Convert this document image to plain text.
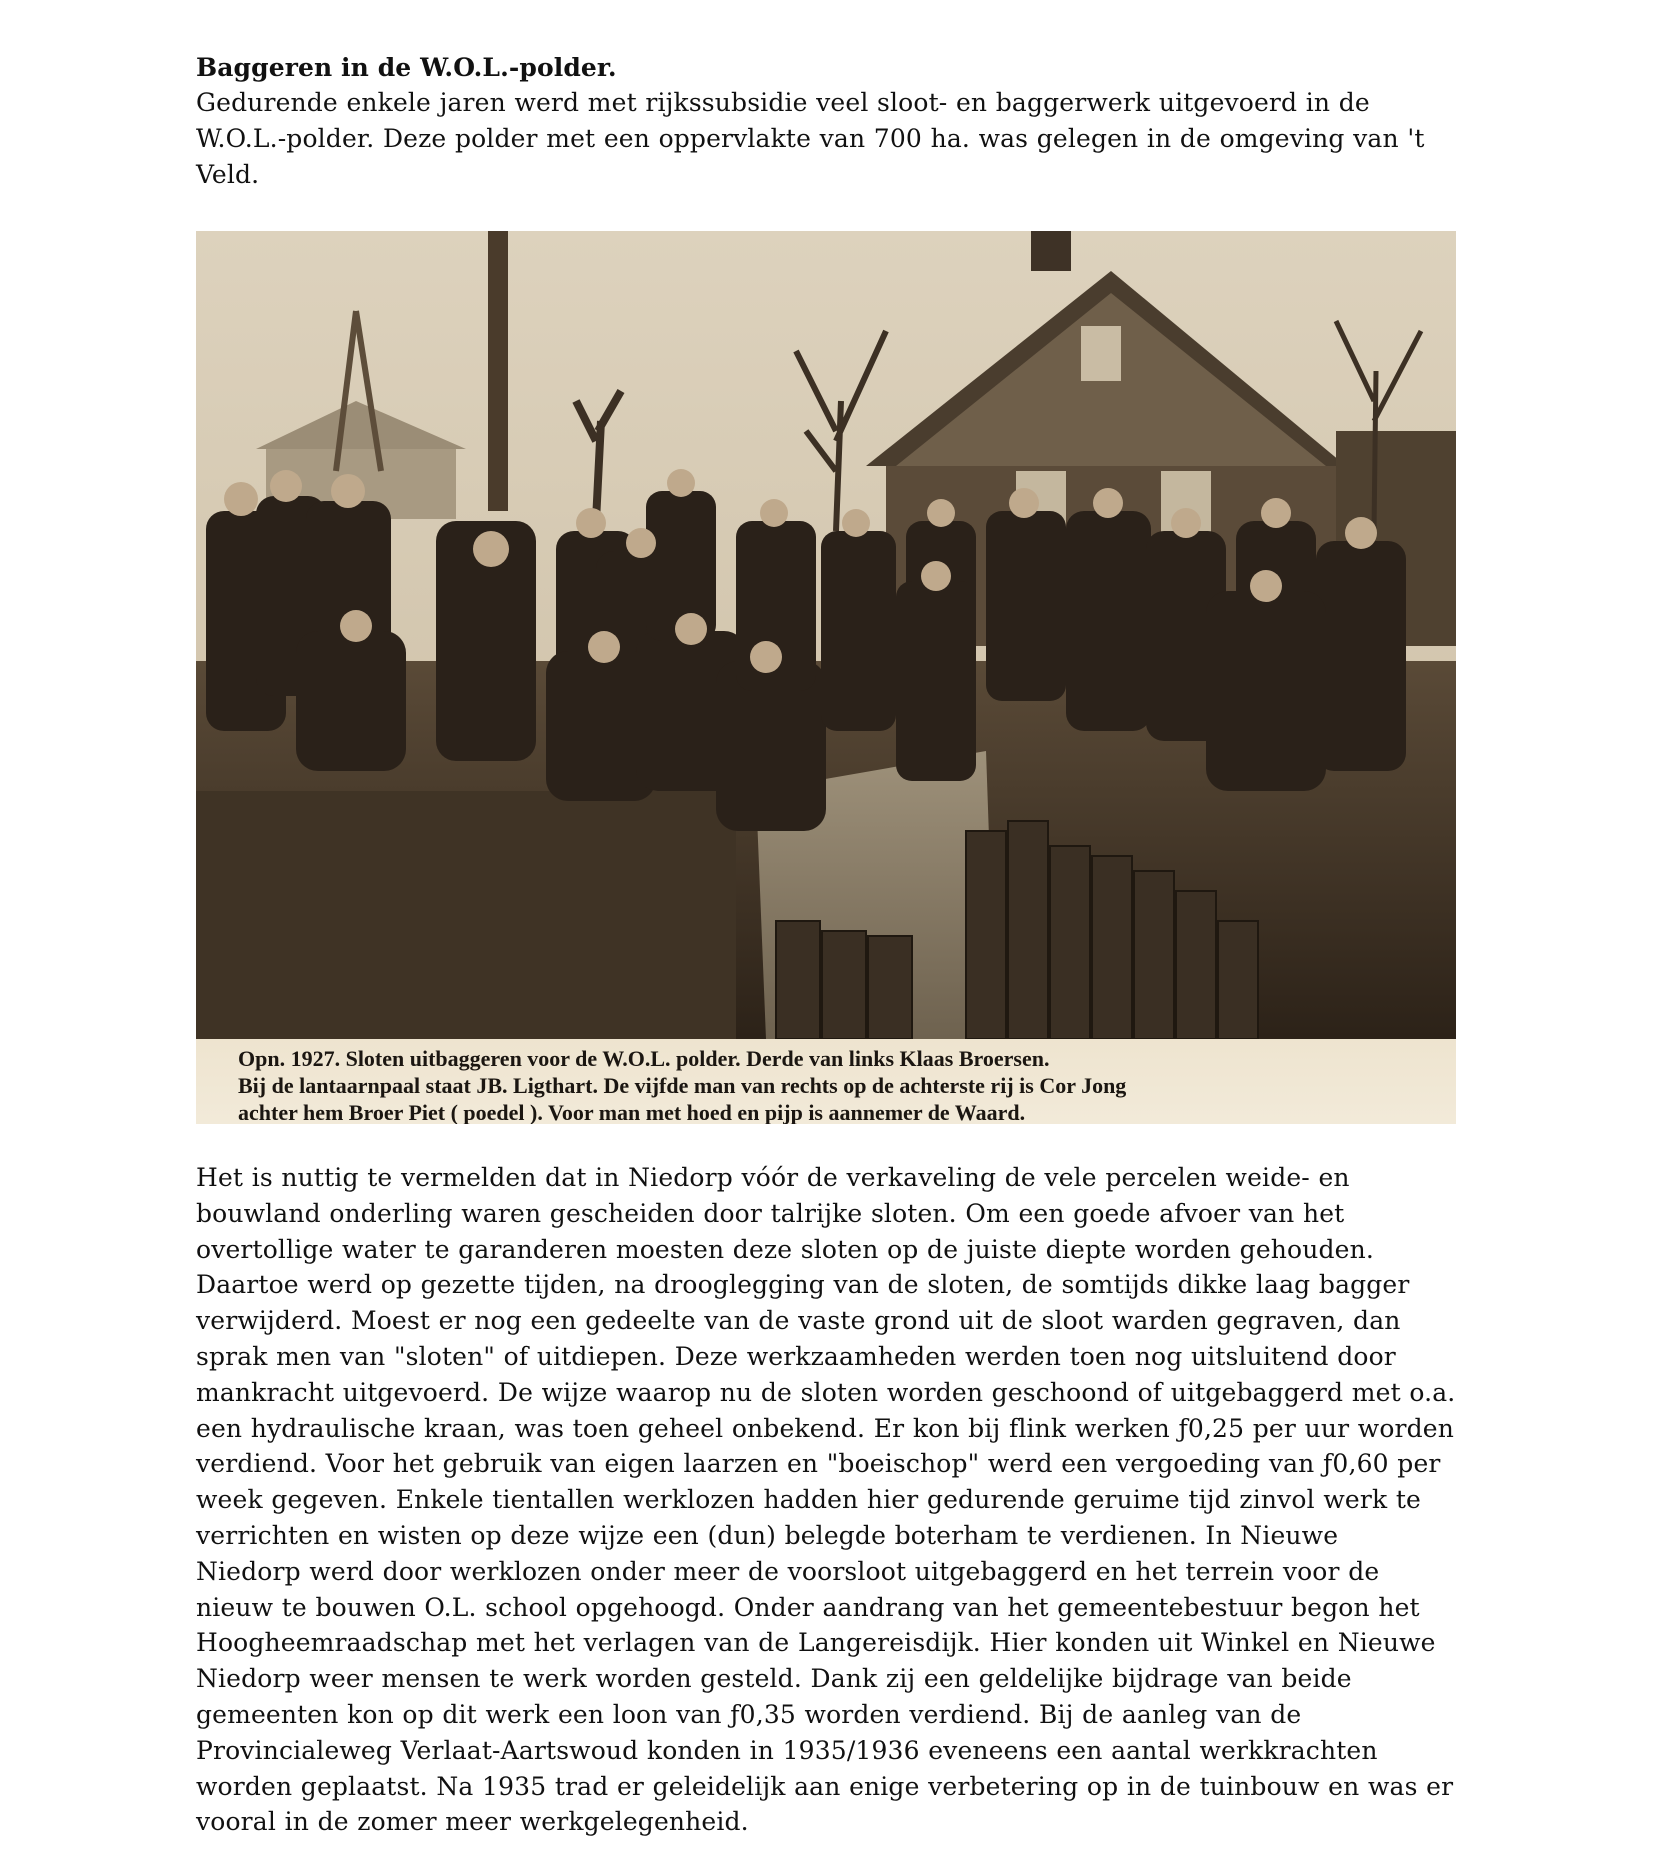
Baggeren in de W.O.L.-polder.

Gedurende enkele jaren werd met rijkssubsidie veel sloot- en baggerwerk uitgevoerd in de

W.O.L.-polder. Deze polder met een oppervlakte van 700 ha. was gelegen in de omgeving van 't

Veld.

Opn. 1927. Sloten uitbaggeren voor de W.O.L. polder. Derde van links Klaas Broersen.

Bij de lantaarnpaal staat JB. Ligthart. De vijfde man van rechts op de achterste rij is Cor Jong

achter hem Broer Piet ( poedel ). Voor man met hoed en pijp is aannemer de Waard.

Het is nuttig te vermelden dat in Niedorp vóór de verkaveling de vele percelen weide- en

bouwland onderling waren gescheiden door talrijke sloten. Om een goede afvoer van het

overtollige water te garanderen moesten deze sloten op de juiste diepte worden gehouden.

Daartoe werd op gezette tijden, na drooglegging van de sloten, de somtijds dikke laag bagger

verwijderd. Moest er nog een gedeelte van de vaste grond uit de sloot warden gegraven, dan

sprak men van "sloten" of uitdiepen. Deze werkzaamheden werden toen nog uitsluitend door

mankracht uitgevoerd. De wijze waarop nu de sloten worden geschoond of uitgebaggerd met o.a.

een hydraulische kraan, was toen geheel onbekend. Er kon bij flink werken ƒ0,25 per uur worden

verdiend. Voor het gebruik van eigen laarzen en "boeischop" werd een vergoeding van ƒ0,60 per

week gegeven. Enkele tientallen werklozen hadden hier gedurende geruime tijd zinvol werk te

verrichten en wisten op deze wijze een (dun) belegde boterham te verdienen. In Nieuwe

Niedorp werd door werklozen onder meer de voorsloot uitgebaggerd en het terrein voor de

nieuw te bouwen O.L. school opgehoogd. Onder aandrang van het gemeentebestuur begon het

Hoogheemraadschap met het verlagen van de Langereisdijk. Hier konden uit Winkel en Nieuwe

Niedorp weer mensen te werk worden gesteld. Dank zij een geldelijke bijdrage van beide

gemeenten kon op dit werk een loon van ƒ0,35 worden verdiend. Bij de aanleg van de

Provincialeweg Verlaat-Aartswoud konden in 1935/1936 eveneens een aantal werkkrachten

worden geplaatst. Na 1935 trad er geleidelijk aan enige verbetering op in de tuinbouw en was er

vooral in de zomer meer werkgelegenheid.
